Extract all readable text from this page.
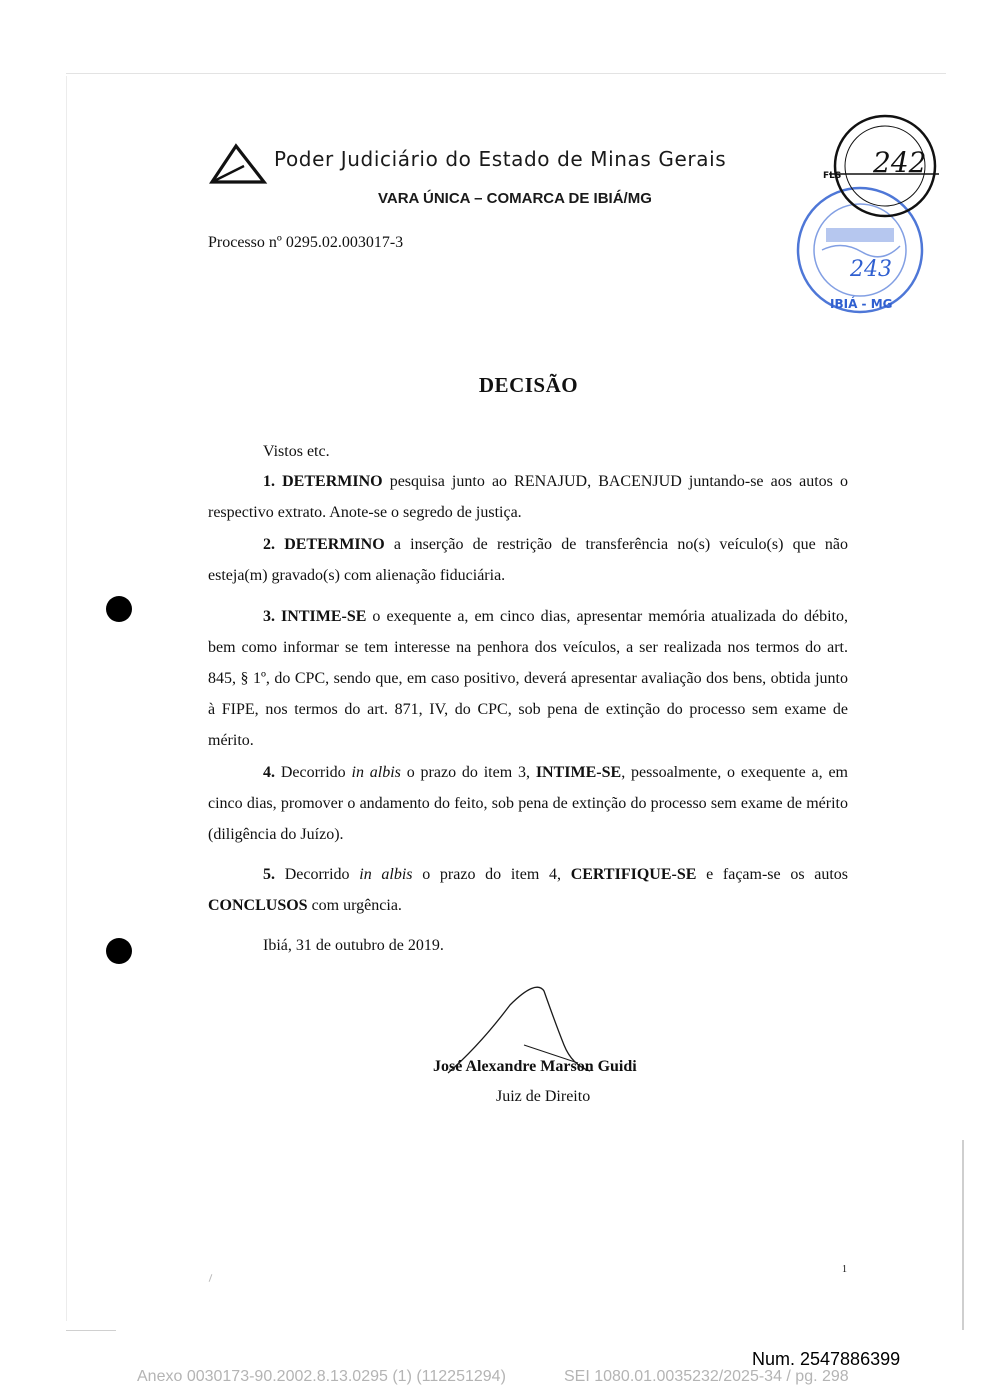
Poder Judiciário do Estado de Minas Gerais
VARA ÚNICA – COMARCA DE IBIÁ/MG
Processo nº 0295.02.003017-3
243
IBIÁ - MG
FLS 242
DECISÃO

Vistos etc.

1. DETERMINO pesquisa junto ao RENAJUD, BACENJUD juntando-se aos autos o respectivo extrato. Anote-se o segredo de justiça.

2. DETERMINO a inserção de restrição de transferência no(s) veículo(s) que não esteja(m) gravado(s) com alienação fiduciária.

3. INTIME-SE o exequente a, em cinco dias, apresentar memória atualizada do débito, bem como informar se tem interesse na penhora dos veículos, a ser realizada nos termos do art. 845, § 1º, do CPC, sendo que, em caso positivo, deverá apresentar avaliação dos bens, obtida junto à FIPE, nos termos do art. 871, IV, do CPC, sob pena de extinção do processo sem exame de mérito.

4. Decorrido in albis o prazo do item 3, INTIME-SE, pessoalmente, o exequente a, em cinco dias, promover o andamento do feito, sob pena de extinção do processo sem exame de mérito (diligência do Juízo).

5. Decorrido in albis o prazo do item 4, CERTIFIQUE-SE e façam-se os autos CONCLUSOS com urgência.

Ibiá, 31 de outubro de 2019.

José Alexandre Marson Guidi
Juiz de Direito
1
Num. 2547886399
Anexo 0030173-90.2002.8.13.0295 (1) (112251294)	SEI 1080.01.0035232/2025-34 / pg. 298
